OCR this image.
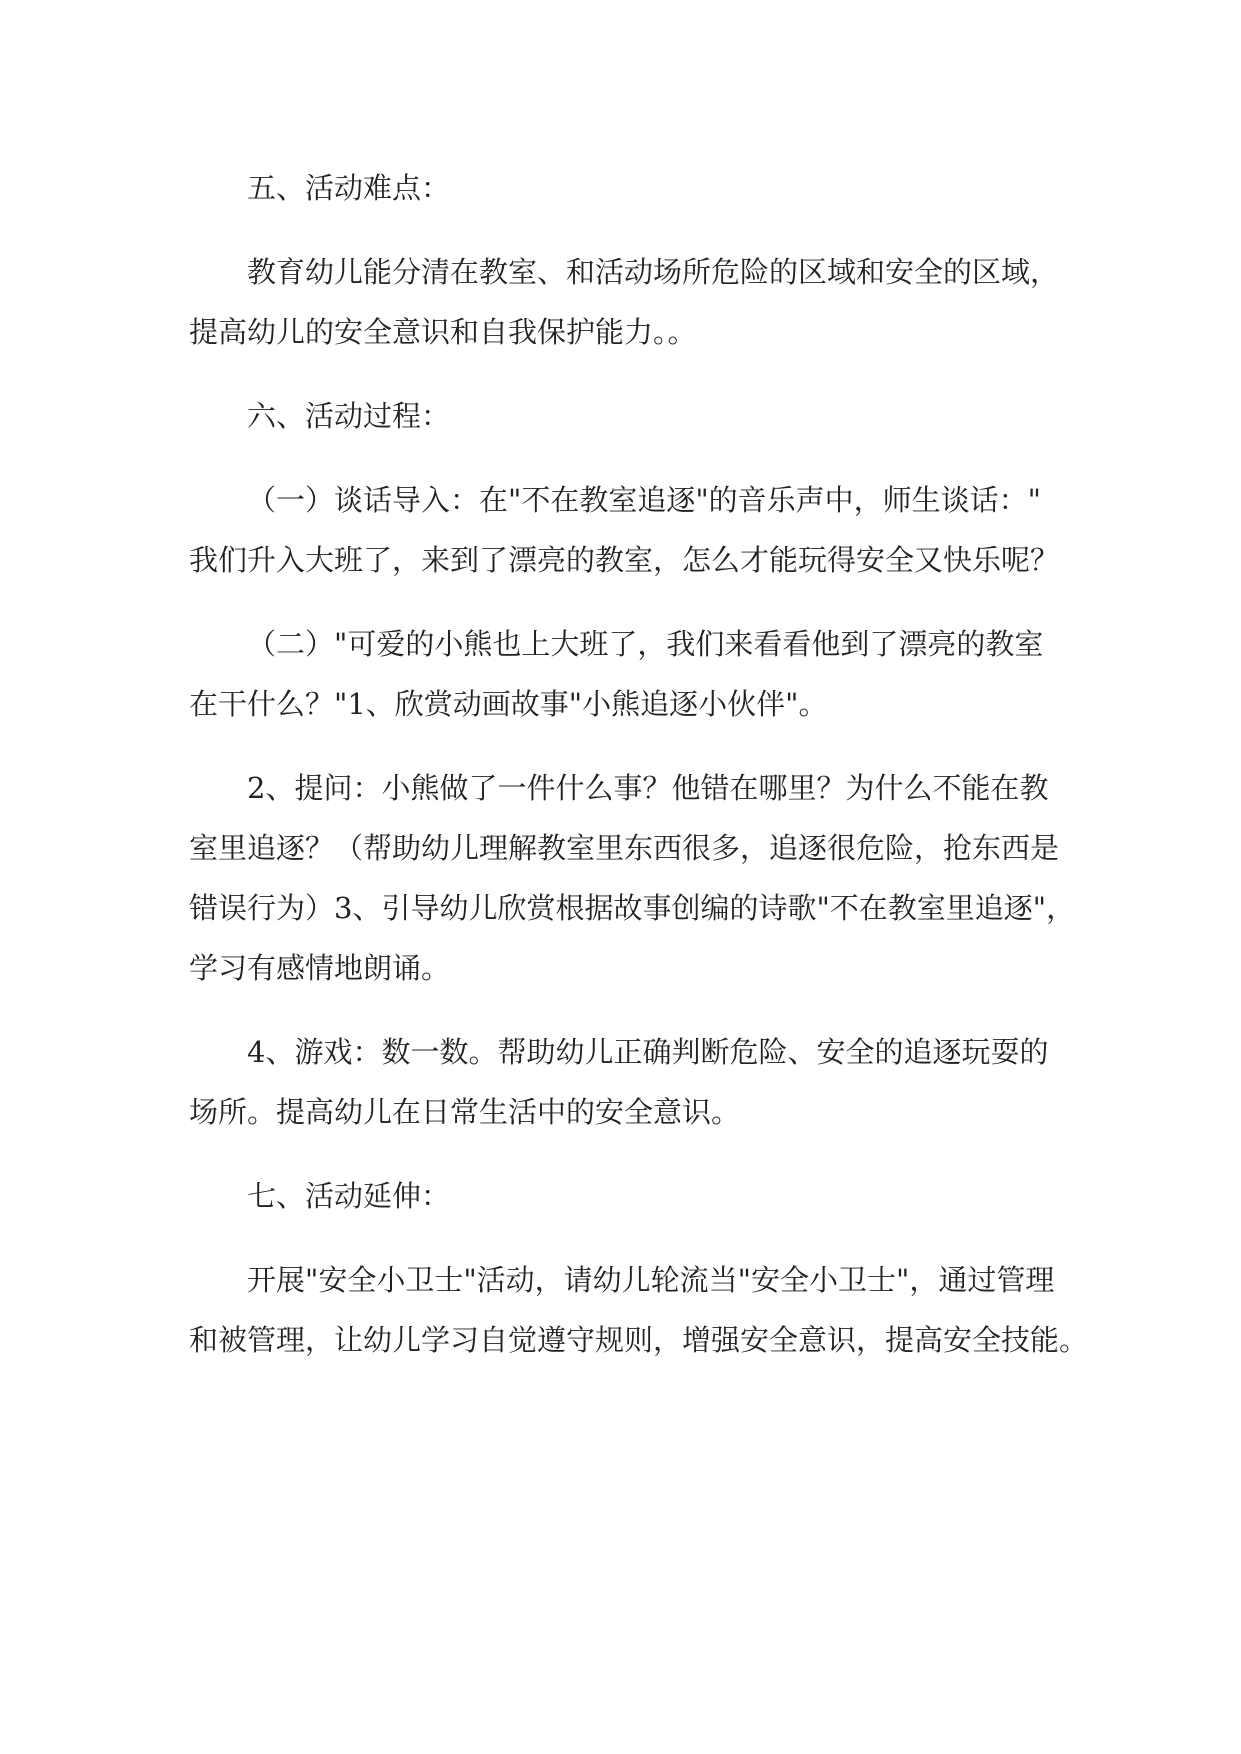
五、活动难点：
教育幼儿能分清在教室、和活动场所危险的区域和安全的区域，
提高幼儿的安全意识和自我保护能力。。
六、活动过程：
（一）谈话导入：在"不在教室追逐"的音乐声中，师生谈话："
我们升入大班了，来到了漂亮的教室，怎么才能玩得安全又快乐呢？
（二）"可爱的小熊也上大班了，我们来看看他到了漂亮的教室
在干什么？"1、欣赏动画故事"小熊追逐小伙伴"。
2、提问：小熊做了一件什么事？他错在哪里？为什么不能在教
室里追逐？（帮助幼儿理解教室里东西很多，追逐很危险，抢东西是
错误行为）3、引导幼儿欣赏根据故事创编的诗歌"不在教室里追逐"，
学习有感情地朗诵。
4、游戏：数一数。帮助幼儿正确判断危险、安全的追逐玩耍的
场所。提高幼儿在日常生活中的安全意识。
七、活动延伸：
开展"安全小卫士"活动，请幼儿轮流当"安全小卫士"，通过管理
和被管理，让幼儿学习自觉遵守规则，增强安全意识，提高安全技能。
